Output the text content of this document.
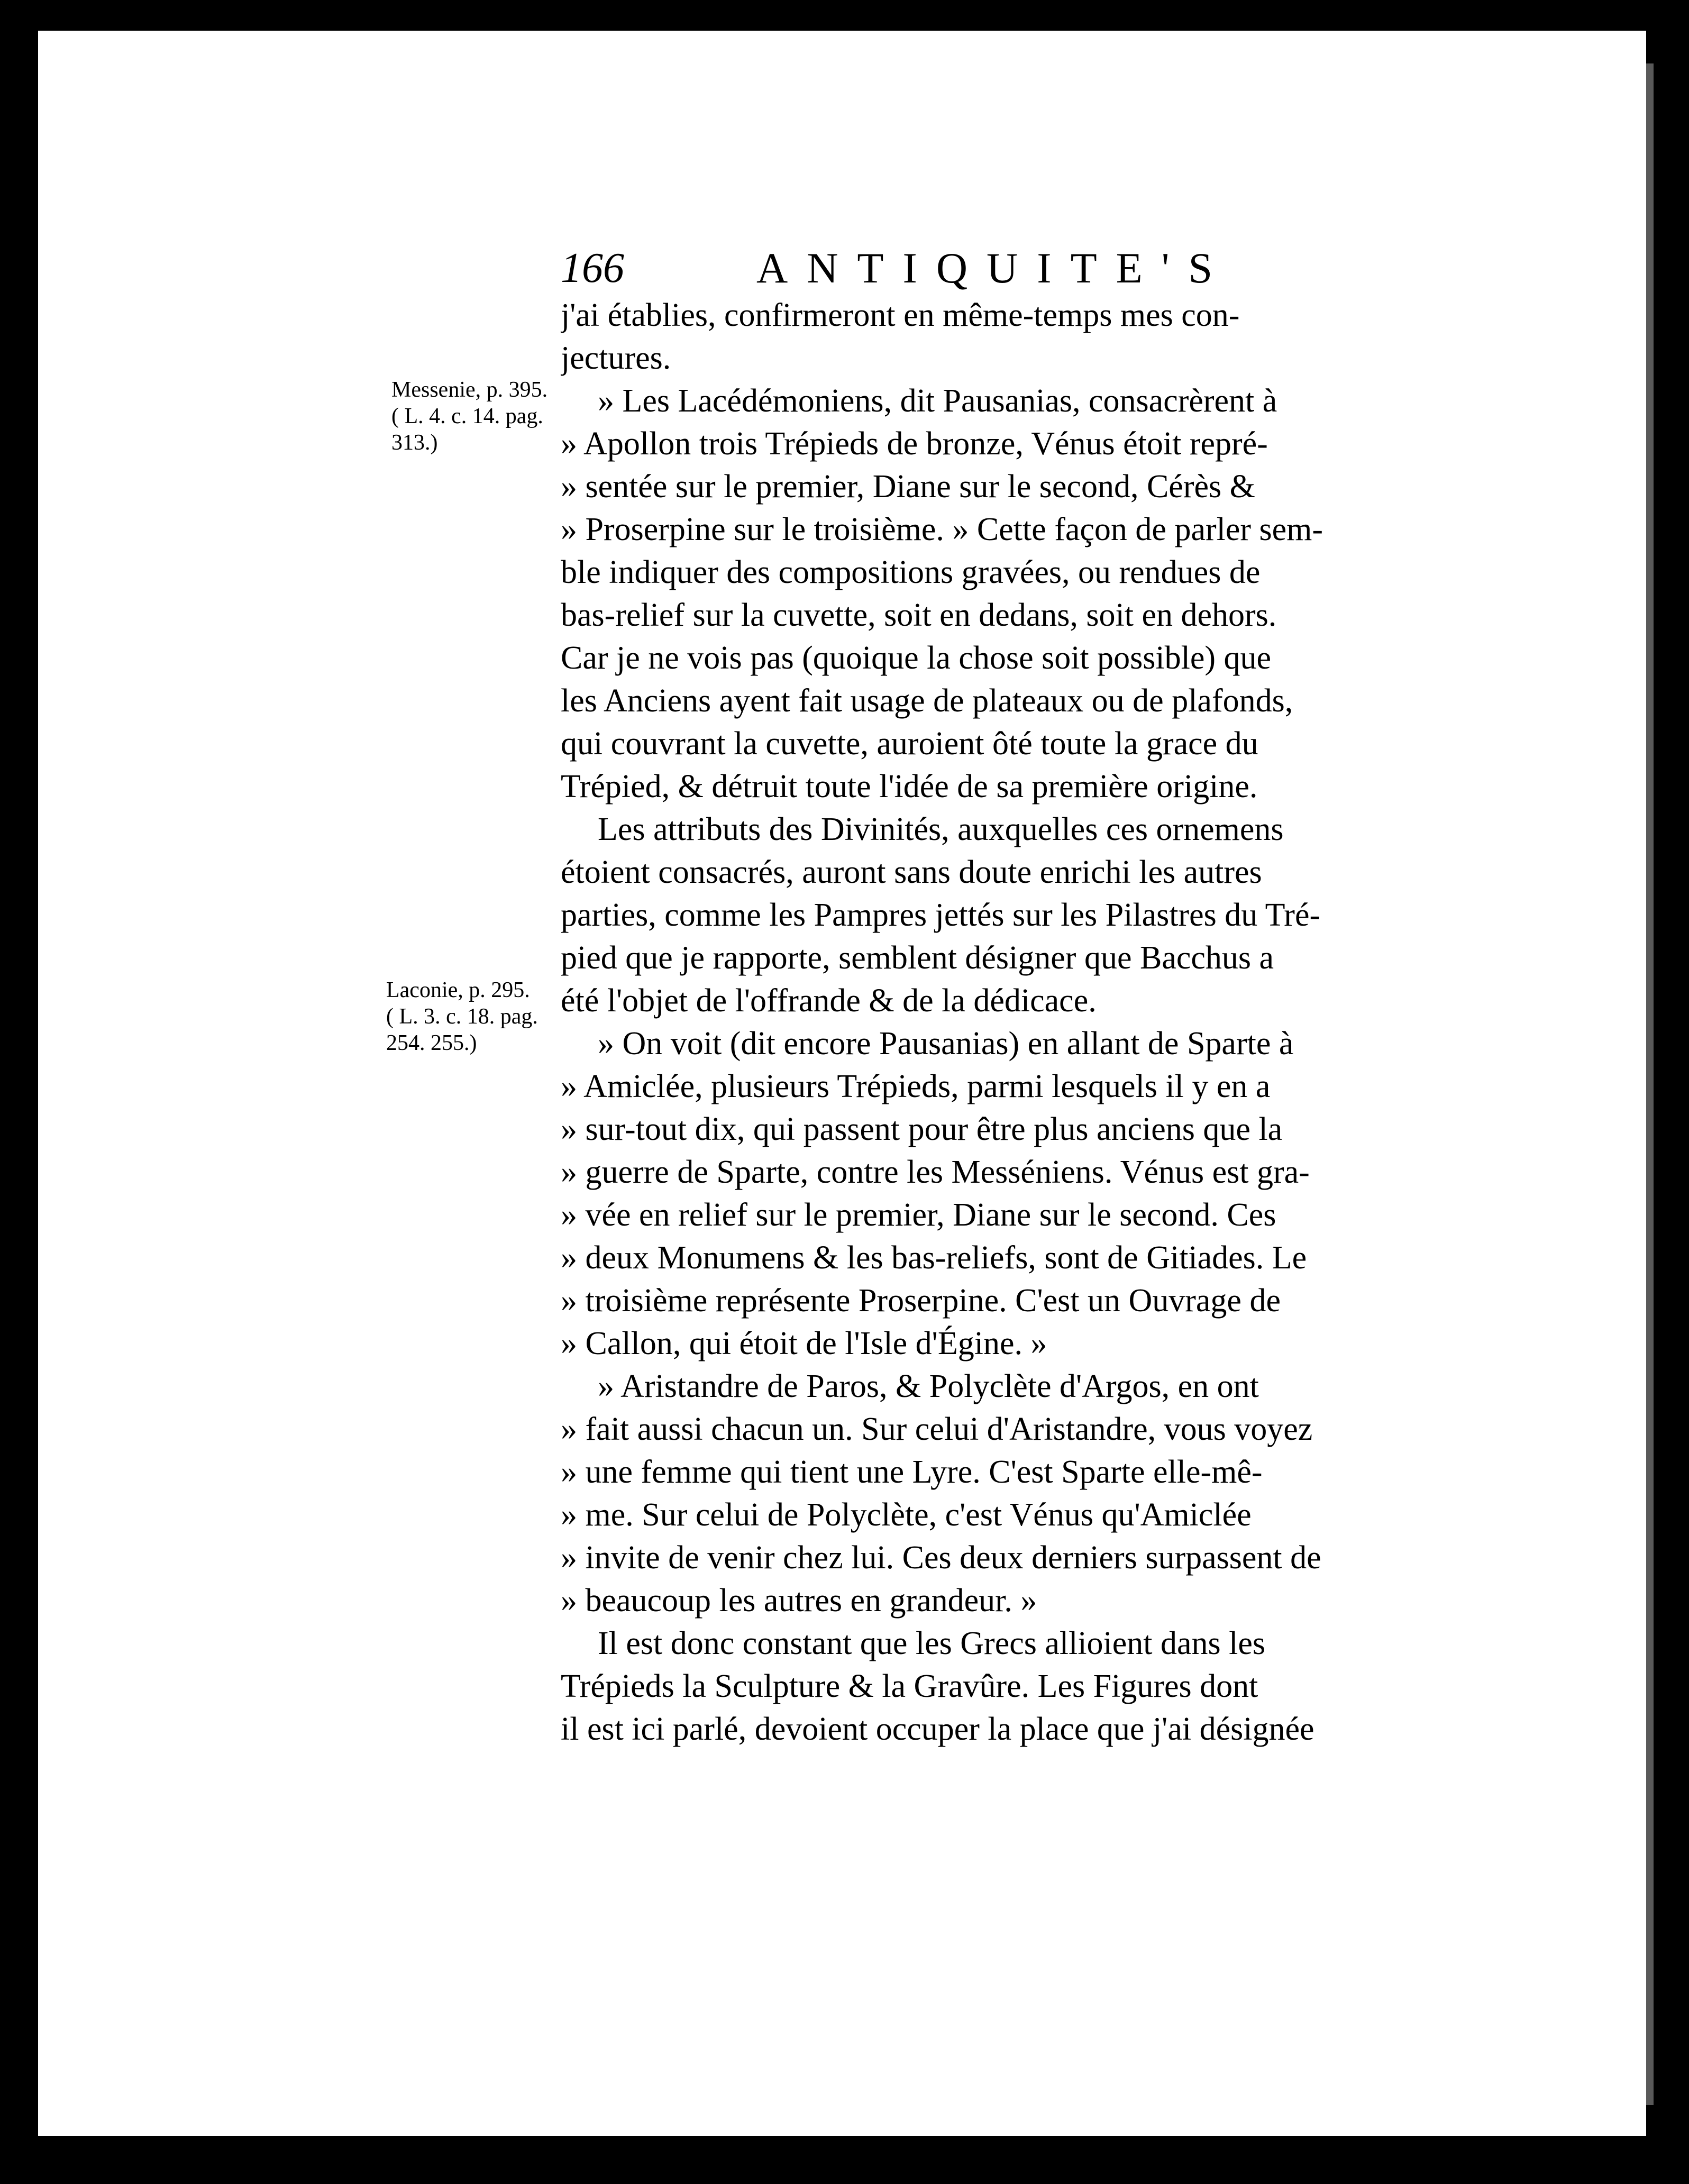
166	ANTIQUITE'S
Messenie, p. 395.
( L. 4. c. 14. pag.
313.)
Laconie, p. 295.
( L. 3. c. 18. pag.
254. 255.)
j'ai établies, confirmeront en même-temps mes con-
jectures.
» Les Lacédémoniens, dit Pausanias, consacrèrent à
» Apollon trois Trépieds de bronze, Vénus étoit repré-
» sentée sur le premier, Diane sur le second, Cérès &
» Proserpine sur le troisième. » Cette façon de parler sem-
ble indiquer des compositions gravées, ou rendues de
bas-relief sur la cuvette, soit en dedans, soit en dehors.
Car je ne vois pas (quoique la chose soit possible) que
les Anciens ayent fait usage de plateaux ou de plafonds,
qui couvrant la cuvette, auroient ôté toute la grace du
Trépied, & détruit toute l'idée de sa première origine.
Les attributs des Divinités, auxquelles ces ornemens
étoient consacrés, auront sans doute enrichi les autres
parties, comme les Pampres jettés sur les Pilastres du Tré-
pied que je rapporte, semblent désigner que Bacchus a
été l'objet de l'offrande & de la dédicace.
» On voit (dit encore Pausanias) en allant de Sparte à
» Amiclée, plusieurs Trépieds, parmi lesquels il y en a
» sur-tout dix, qui passent pour être plus anciens que la
» guerre de Sparte, contre les Messéniens. Vénus est gra-
» vée en relief sur le premier, Diane sur le second. Ces
» deux Monumens & les bas-reliefs, sont de Gitiades. Le
» troisième représente Proserpine. C'est un Ouvrage de
» Callon, qui étoit de l'Isle d'Égine. »
» Aristandre de Paros, & Polyclète d'Argos, en ont
» fait aussi chacun un. Sur celui d'Aristandre, vous voyez
» une femme qui tient une Lyre. C'est Sparte elle-mê-
» me. Sur celui de Polyclète, c'est Vénus qu'Amiclée
» invite de venir chez lui. Ces deux derniers surpassent de
» beaucoup les autres en grandeur. »
Il est donc constant que les Grecs allioient dans les
Trépieds la Sculpture & la Gravûre. Les Figures dont
il est ici parlé, devoient occuper la place que j'ai désignée
